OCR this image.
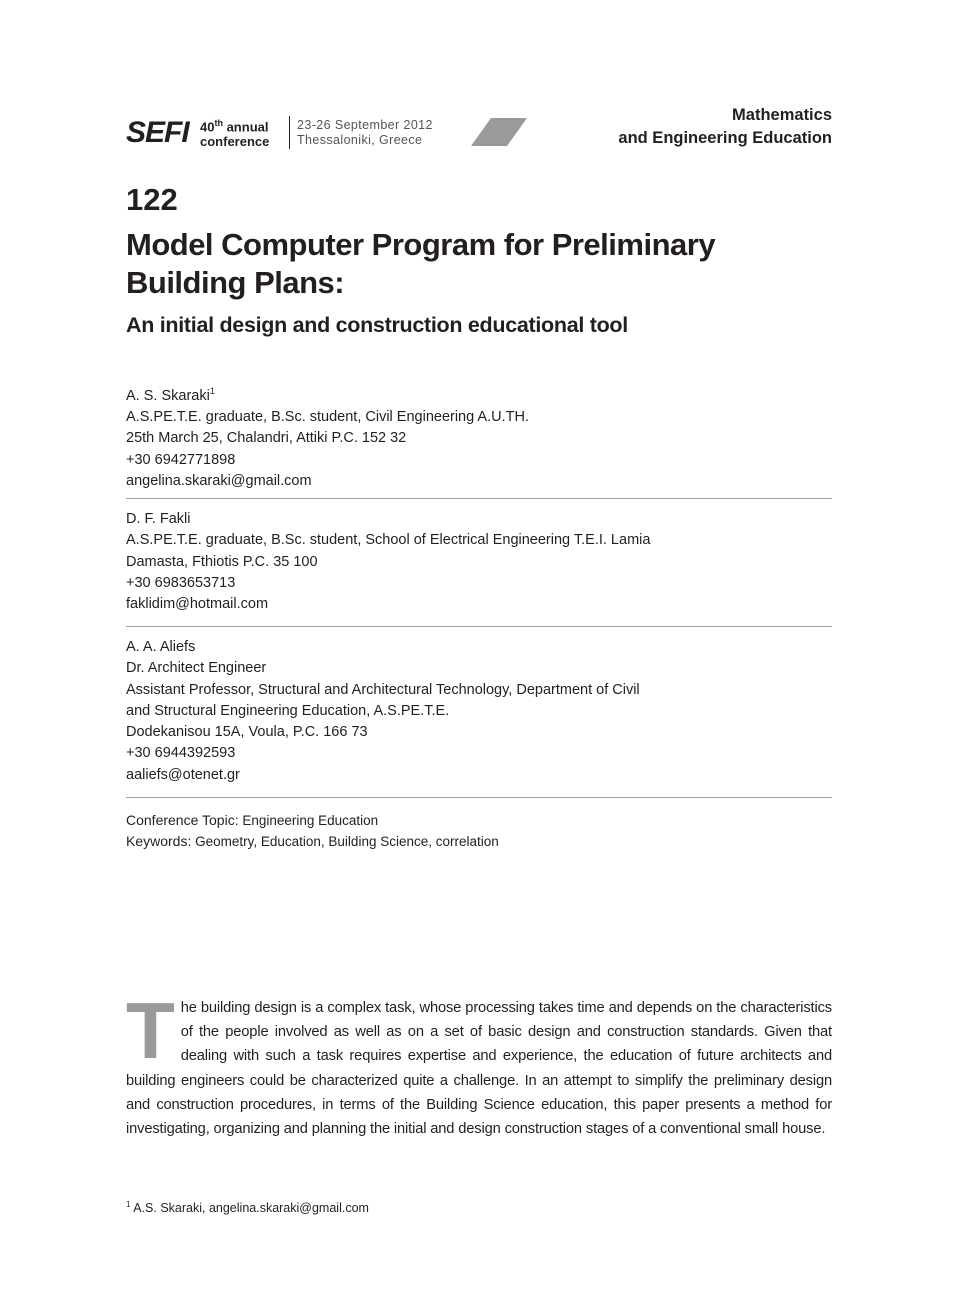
SEFI 40th annual
conference
23-26 September 2012
Thessaloniki, Greece
Mathematics
and Engineering Education
122
Model Computer Program for Preliminary
Building Plans:
An initial design and construction educational tool
A. S. Skaraki$^1$
A.S.PE.T.E. graduate, B.Sc. student, Civil Engineering A.U.TH.
25th March 25, Chalandri, Attiki P.C. 152 32
+30 6942771898
angelina.skaraki@gmail.com
D. F. Fakli
A.S.PE.T.E. graduate, B.Sc. student, School of Electrical Engineering T.E.I. Lamia
Damasta, Fthiotis P.C. 35 100
+30 6983653713
faklidim@hotmail.com
A. A. Aliefs
Dr. Architect Engineer
Assistant Professor, Structural and Architectural Technology, Department of Civil
and Structural Engineering Education, A.S.PE.T.E.
Dodekanisou 15A, Voula, P.C. 166 73
+30 6944392593
aaliefs@otenet.gr
Conference Topic: Engineering Education
Keywords: Geometry, Education, Building Science, correlation
The building design is a complex task, whose processing takes time and depends on the characteristics of the people involved as well as on a set of basic design and construction standards. Given that dealing with such a task requires expertise and experience, the education of future architects and building engineers could be characterized quite a challenge. In an attempt to simplify the preliminary design and construction procedures, in terms of the Building Science education, this paper presents a method for investigating, organizing and planning the initial and design construction stages of a conventional small house.
$^1$ A.S. Skaraki, angelina.skaraki@gmail.com
